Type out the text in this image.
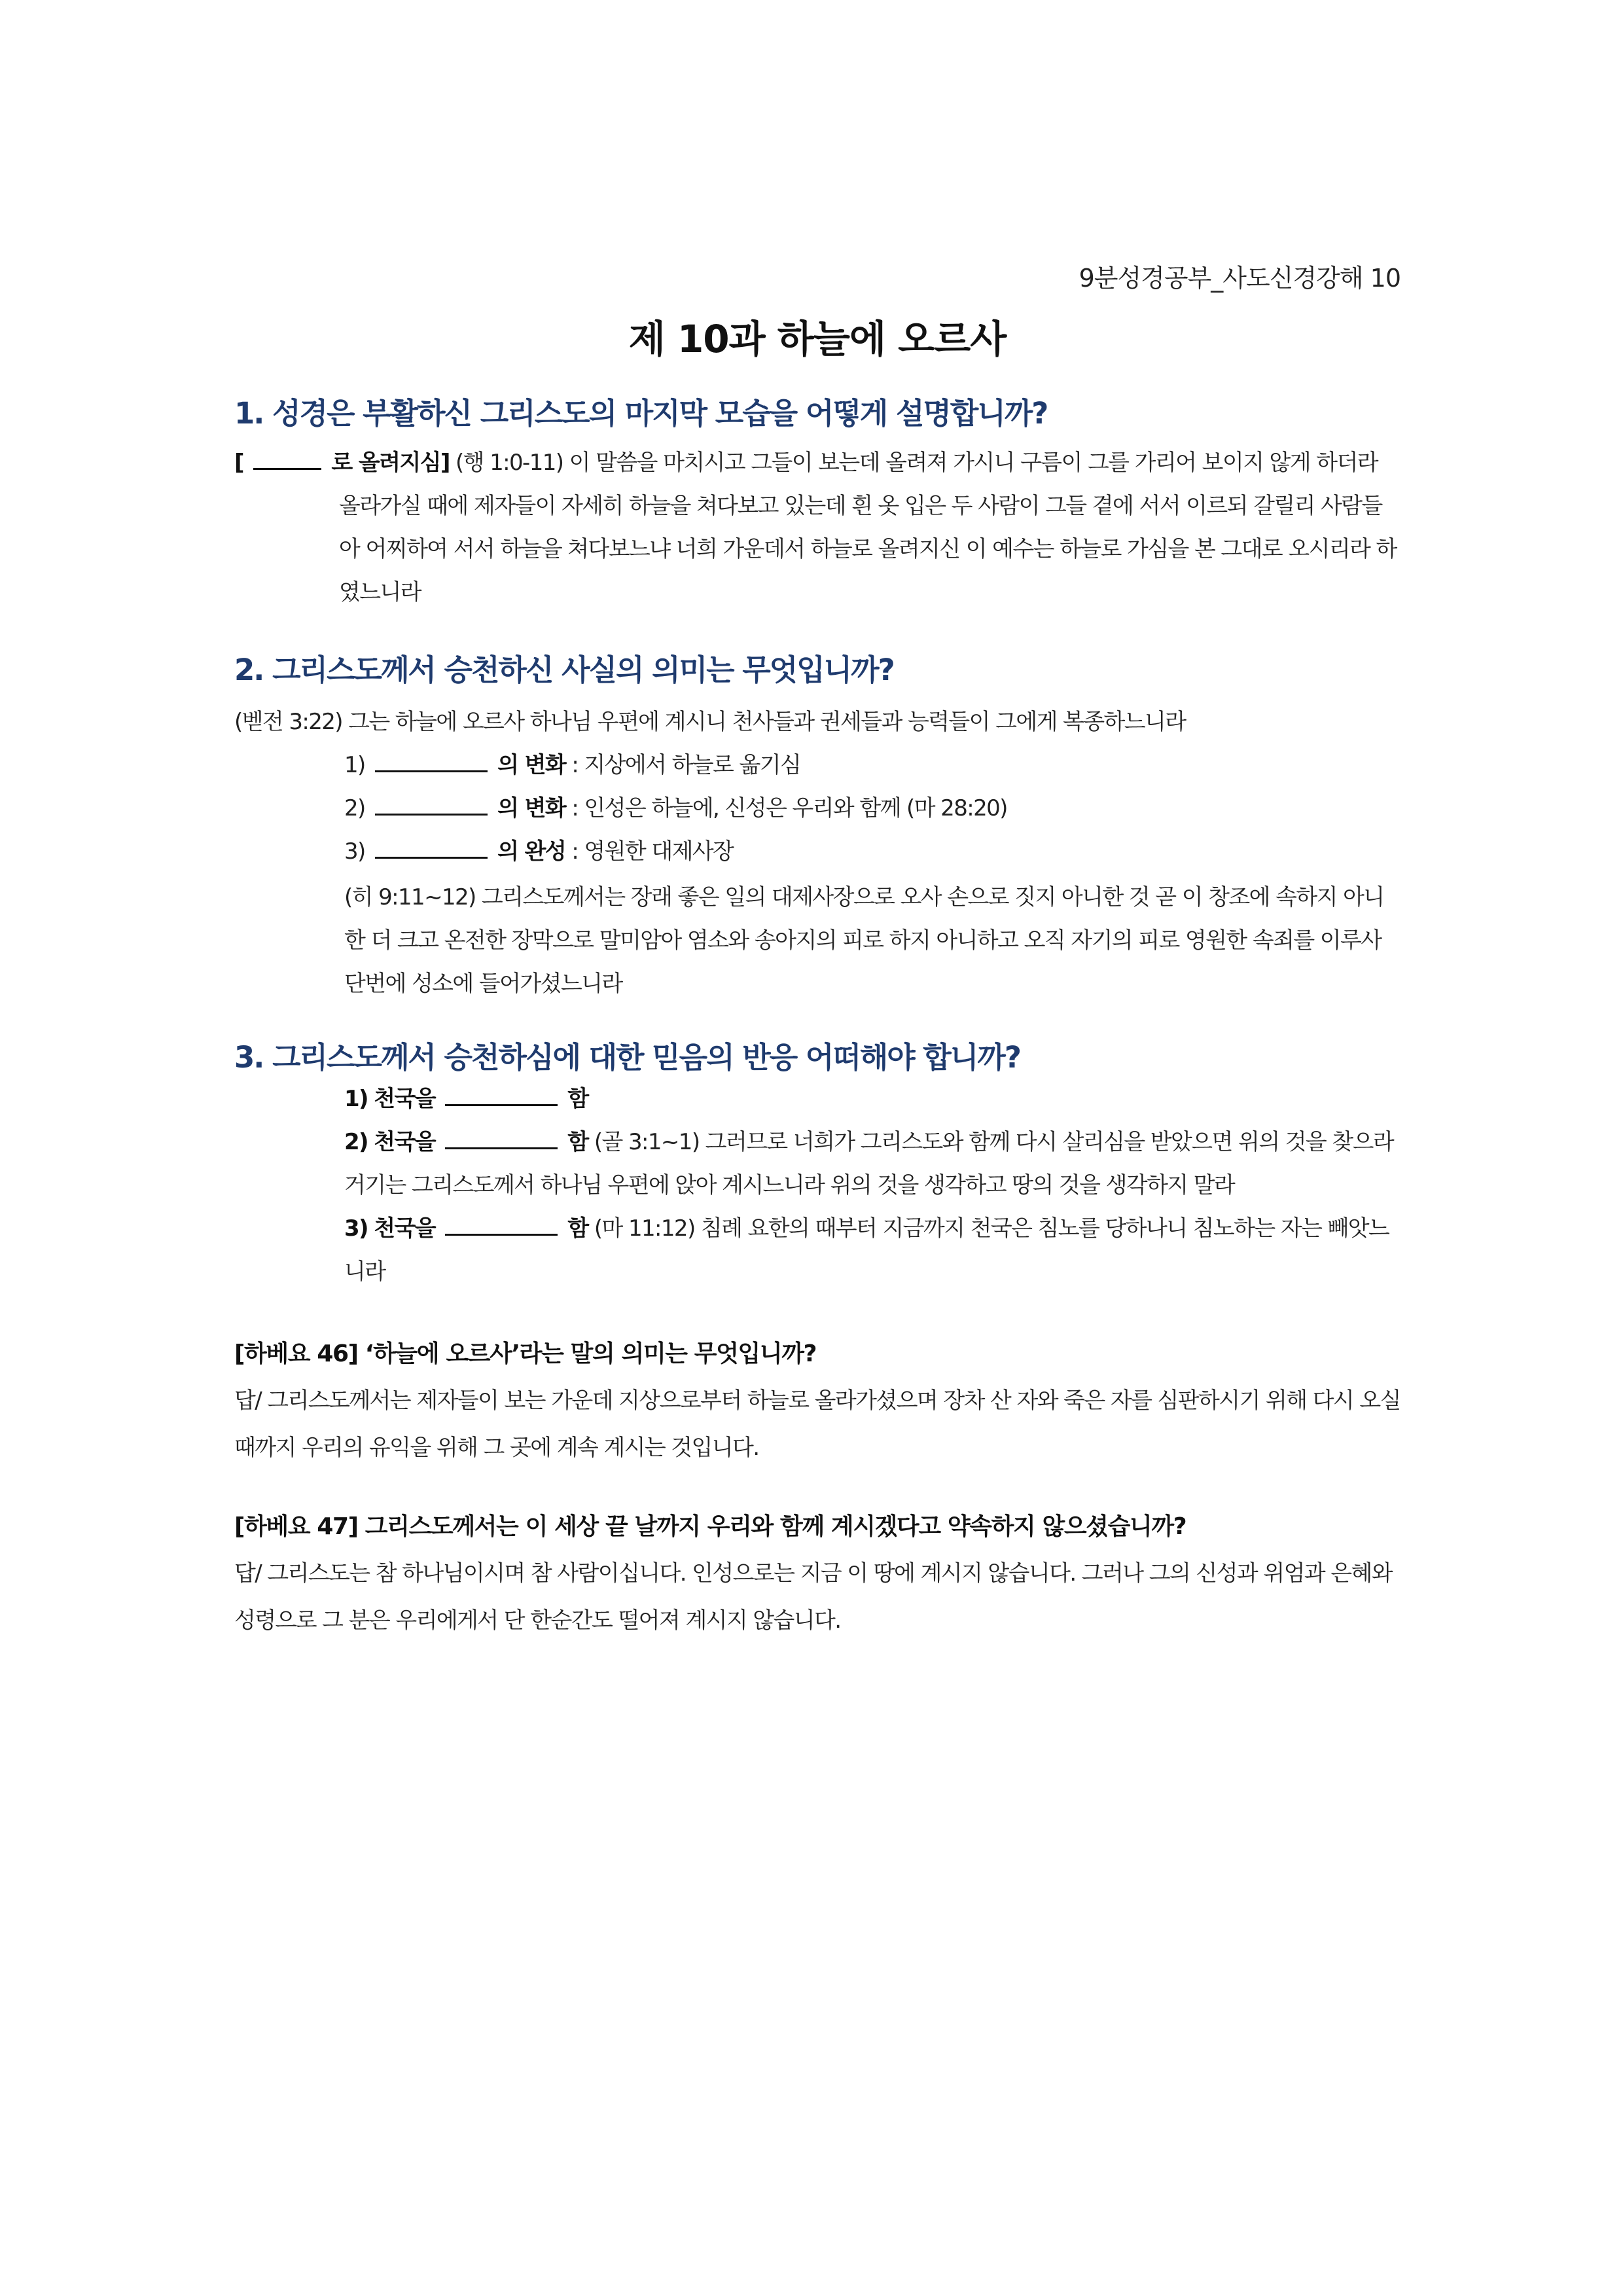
9분성경공부_사도신경강해 10
제 10과 하늘에 오르사
1. 성경은 부활하신 그리스도의 마지막 모습을 어떻게 설명합니까?
[	로 올려지심] (행 1:0-11) 이 말씀을 마치시고 그들이 보는데 올려져 가시니 구름이 그를 가리어 보이지 않게 하더라 올라가실 때에 제자들이 자세히 하늘을 쳐다보고 있는데 흰 옷 입은 두 사람이 그들 곁에 서서 이르되 갈릴리 사람들아 어찌하여 서서 하늘을 쳐다보느냐 너희 가운데서 하늘로 올려지신 이 예수는 하늘로 가심을 본 그대로 오시리라 하였느니라
2. 그리스도께서 승천하신 사실의 의미는 무엇입니까?
(벧전 3:22) 그는 하늘에 오르사 하나님 우편에 계시니 천사들과 권세들과 능력들이 그에게 복종하느니라
1)	의 변화 : 지상에서 하늘로 옮기심
2)	의 변화 : 인성은 하늘에, 신성은 우리와 함께 (마 28:20)
3)	의 완성 : 영원한 대제사장
(히 9:11~12) 그리스도께서는 장래 좋은 일의 대제사장으로 오사 손으로 짓지 아니한 것 곧 이 창조에 속하지 아니한 더 크고 온전한 장막으로 말미암아 염소와 송아지의 피로 하지 아니하고 오직 자기의 피로 영원한 속죄를 이루사 단번에 성소에 들어가셨느니라
3. 그리스도께서 승천하심에 대한 믿음의 반응 어떠해야 합니까?
1) 천국을	함
2) 천국을	함 (골 3:1~1) 그러므로 너희가 그리스도와 함께 다시 살리심을 받았으면 위의 것을 찾으라 거기는 그리스도께서 하나님 우편에 앉아 계시느니라 위의 것을 생각하고 땅의 것을 생각하지 말라
3) 천국을	함 (마 11:12) 침례 요한의 때부터 지금까지 천국은 침노를 당하나니 침노하는 자는 빼앗느니라
[하베요 46] ‘하늘에 오르사’라는 말의 의미는 무엇입니까?
답/ 그리스도께서는 제자들이 보는 가운데 지상으로부터 하늘로 올라가셨으며 장차 산 자와 죽은 자를 심판하시기 위해 다시 오실 때까지 우리의 유익을 위해 그 곳에 계속 계시는 것입니다.
[하베요 47] 그리스도께서는 이 세상 끝 날까지 우리와 함께 계시겠다고 약속하지 않으셨습니까?
답/ 그리스도는 참 하나님이시며 참 사람이십니다. 인성으로는 지금 이 땅에 계시지 않습니다. 그러나 그의 신성과 위엄과 은혜와 성령으로 그 분은 우리에게서 단 한순간도 떨어져 계시지 않습니다.
